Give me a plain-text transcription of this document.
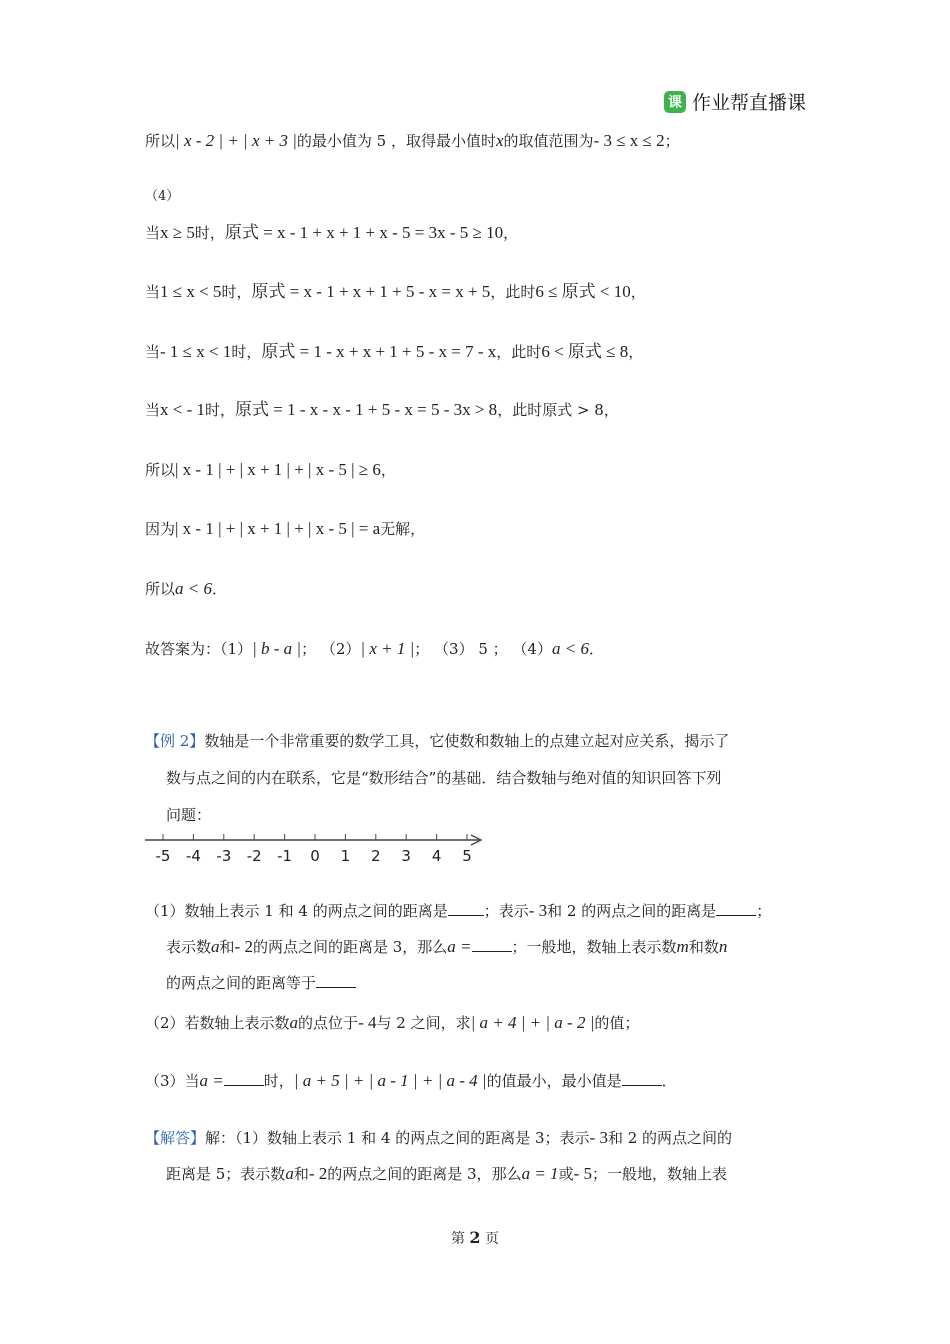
课 作业帮直播课
所以| x - 2 | + | x + 3 |的最小值为 5 ，取得最小值时x的取值范围为- 3 ≤ x ≤ 2；
（4）
当x ≥ 5时，原式 = x - 1 + x + 1 + x - 5 = 3x - 5 ≥ 10，
当1 ≤ x < 5时，原式 = x - 1 + x + 1 + 5 - x = x + 5，此时6 ≤ 原式 < 10，
当- 1 ≤ x < 1时，原式 = 1 - x + x + 1 + 5 - x = 7 - x，此时6 < 原式 ≤ 8，
当x < - 1时，原式 = 1 - x - x - 1 + 5 - x = 5 - 3x > 8，此时原式 > 8，
所以| x - 1 | + | x + 1 | + | x - 5 | ≥ 6，
因为| x - 1 | + | x + 1 | + | x - 5 | = a无解，
所以a < 6．
故答案为：（1）| b - a |； （2）| x + 1 |； （3） 5 ； （4）a < 6．
【例 2】数轴是一个非常重要的数学工具，它使数和数轴上的点建立起对应关系，揭示了
数与点之间的内在联系，它是“数形结合”的基础．结合数轴与绝对值的知识回答下列
问题：
-5 -4 -3 -2 -1 0 1 2 3 4 5
（1）数轴上表示 1 和 4 的两点之间的距离是 ；表示- 3和 2 的两点之间的距离是	；
表示数a和- 2的两点之间的距离是 3，那么a =	；一般地，数轴上表示数m和数n
的两点之间的距离等于
（2）若数轴上表示数a的点位于- 4与 2 之间，求| a + 4 | + | a - 2 |的值；
（3）当a =	时，| a + 5 | + | a - 1 | + | a - 4 |的值最小，最小值是	．
【解答】解：（1）数轴上表示 1 和 4 的两点之间的距离是 3；表示- 3和 2 的两点之间的
距离是 5；表示数a和- 2的两点之间的距离是 3，那么a = 1或- 5；一般地，数轴上表
第 2 页
